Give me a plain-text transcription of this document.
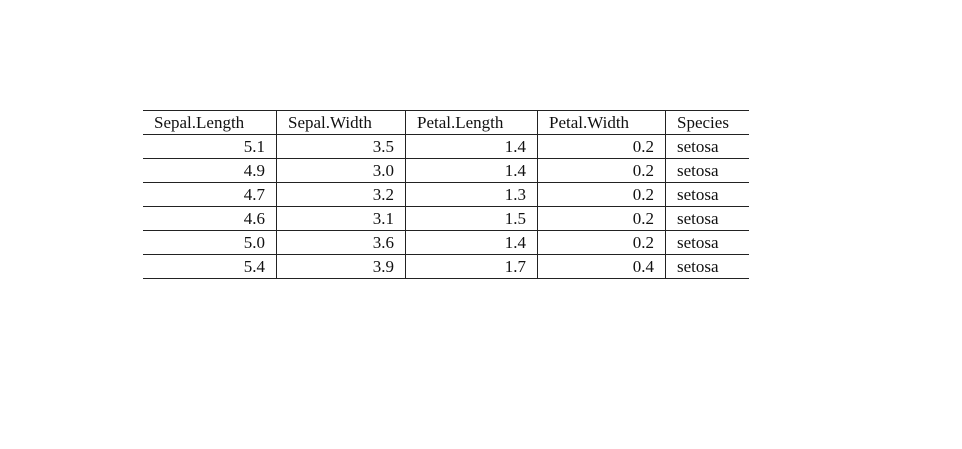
Sepal.Length	Sepal.Width	Petal.Length	Petal.Width	Species
5.1	3.5	1.4	0.2	setosa
4.9	3.0	1.4	0.2	setosa
4.7	3.2	1.3	0.2	setosa
4.6	3.1	1.5	0.2	setosa
5.0	3.6	1.4	0.2	setosa
5.4	3.9	1.7	0.4	setosa
